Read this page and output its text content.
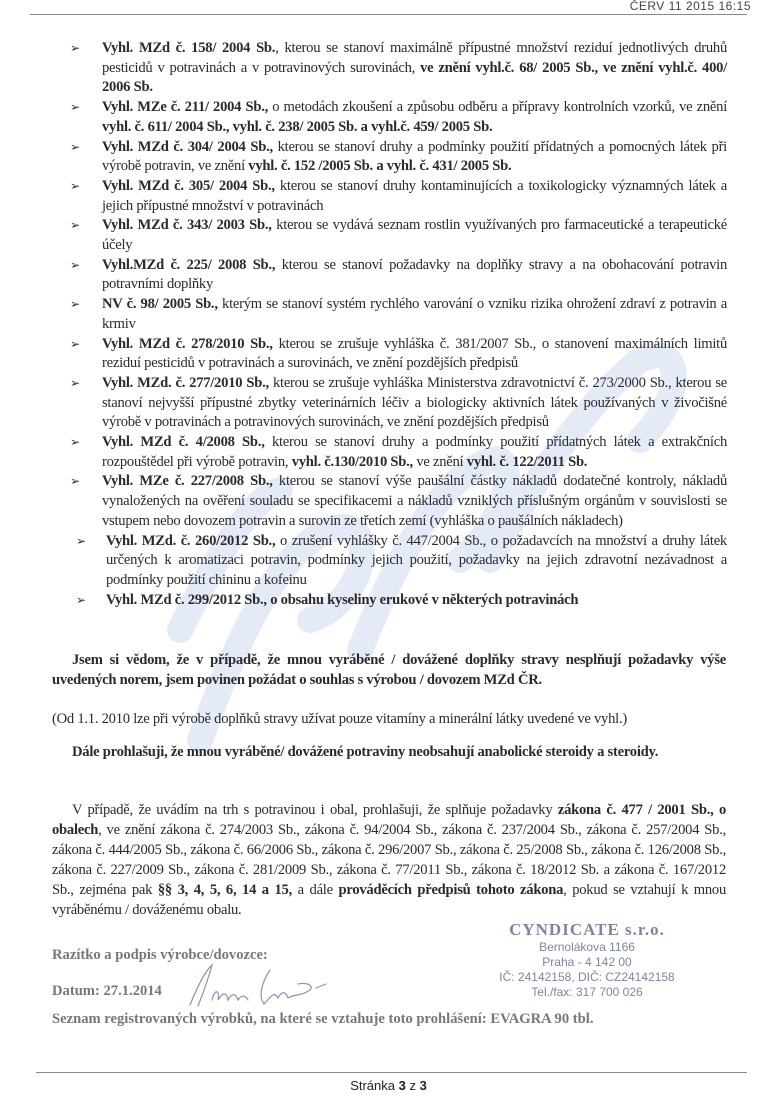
ČERV 11 2015 16:15
➢ Vyhl. MZd č. 158/ 2004 Sb., kterou se stanoví maximálně přípustné množství reziduí jednotlivých druhů pesticidů v potravinách a v potravinových surovinách, ve znění vyhl.č. 68/ 2005 Sb., ve znění vyhl.č. 400/ 2006 Sb.
➢ Vyhl. MZe č. 211/ 2004 Sb., o metodách zkoušení a způsobu odběru a přípravy kontrolních vzorků, ve znění vyhl. č. 611/ 2004 Sb., vyhl. č. 238/ 2005 Sb. a vyhl.č. 459/ 2005 Sb.
➢ Vyhl. MZd č. 304/ 2004 Sb., kterou se stanoví druhy a podmínky použití přídatných a pomocných látek při výrobě potravin, ve znění vyhl. č. 152 /2005 Sb. a vyhl. č. 431/ 2005 Sb.
➢ Vyhl. MZd č. 305/ 2004 Sb., kterou se stanoví druhy kontaminujících a toxikologicky významných látek a jejich přípustné množství v potravinách
➢ Vyhl. MZd č. 343/ 2003 Sb., kterou se vydává seznam rostlin využívaných pro farmaceutické a terapeutické účely
➢ Vyhl.MZd č. 225/ 2008 Sb., kterou se stanoví požadavky na doplňky stravy a na obohacování potravin potravními doplňky
➢ NV č. 98/ 2005 Sb., kterým se stanoví systém rychlého varování o vzniku rizika ohrožení zdraví z potravin a krmiv
➢ Vyhl. MZd č. 278/2010 Sb., kterou se zrušuje vyhláška č. 381/2007 Sb., o stanovení maximálních limitů reziduí pesticidů v potravinách a surovinách, ve znění pozdějších předpisů
➢ Vyhl. MZd. č. 277/2010 Sb., kterou se zrušuje vyhláška Ministerstva zdravotnictví č. 273/2000 Sb., kterou se stanoví nejvyšší přípustné zbytky veterinárních léčiv a biologicky aktivních látek používaných v živočišné výrobě v potravinách a potravinových surovinách, ve znění pozdějších předpisů
➢ Vyhl. MZd č. 4/2008 Sb., kterou se stanoví druhy a podmínky použití přídatných látek a extrakčních rozpouštědel při výrobě potravin, vyhl. č.130/2010 Sb., ve znění vyhl. č. 122/2011 Sb.
➢ Vyhl. MZe č. 227/2008 Sb., kterou se stanoví výše paušální částky nákladů dodatečné kontroly, nákladů vynaložených na ověření souladu se specifikacemi a nákladů vzniklých příslušným orgánům v souvislosti se vstupem nebo dovozem potravin a surovin ze třetích zemí (vyhláška o paušálních nákladech)
➢ Vyhl. MZd. č. 260/2012 Sb., o zrušení vyhlášky č. 447/2004 Sb., o požadavcích na množství a druhy látek určených k aromatizaci potravin, podmínky jejich použití, požadavky na jejich zdravotní nezávadnost a podmínky použití chininu a kofeinu
➢ Vyhl. MZd č. 299/2012 Sb., o obsahu kyseliny erukové v některých potravinách
Jsem si vědom, že v případě, že mnou vyráběné / dovážené doplňky stravy nesplňují požadavky výše uvedených norem, jsem povinen požádat o souhlas s výrobou / dovozem MZd ČR.
(Od 1.1. 2010 lze při výrobě doplňků stravy užívat pouze vitamíny a minerální látky uvedené ve vyhl.)
Dále prohlašuji, že mnou vyráběné/ dovážené potraviny neobsahují anabolické steroidy a steroidy.
V případě, že uvádím na trh s potravinou i obal, prohlašuji, že splňuje požadavky zákona č. 477 / 2001 Sb., o obalech, ve znění zákona č. 274/2003 Sb., zákona č. 94/2004 Sb., zákona č. 237/2004 Sb., zákona č. 257/2004 Sb., zákona č. 444/2005 Sb., zákona č. 66/2006 Sb., zákona č. 296/2007 Sb., zákona č. 25/2008 Sb., zákona č. 126/2008 Sb., zákona č. 227/2009 Sb., zákona č. 281/2009 Sb., zákona č. 77/2011 Sb., zákona č. 18/2012 Sb. a zákona č. 167/2012 Sb., zejména pak §§ 3, 4, 5, 6, 14 a 15, a dále prováděcích předpisů tohoto zákona, pokud se vztahují k mnou vyráběnému / dováženému obalu.
Razítko a podpis výrobce/dovozce:
Datum: 27.1.2014
CYNDICATE s.r.o.
Bernolákova 1166
Praha - 4 142 00
IČ: 24142158, DIČ: CZ24142158
Tel./fax: 317 700 026
Seznam registrovaných výrobků, na které se vztahuje toto prohlášení: EVAGRA 90 tbl.
Stránka 3 z 3
